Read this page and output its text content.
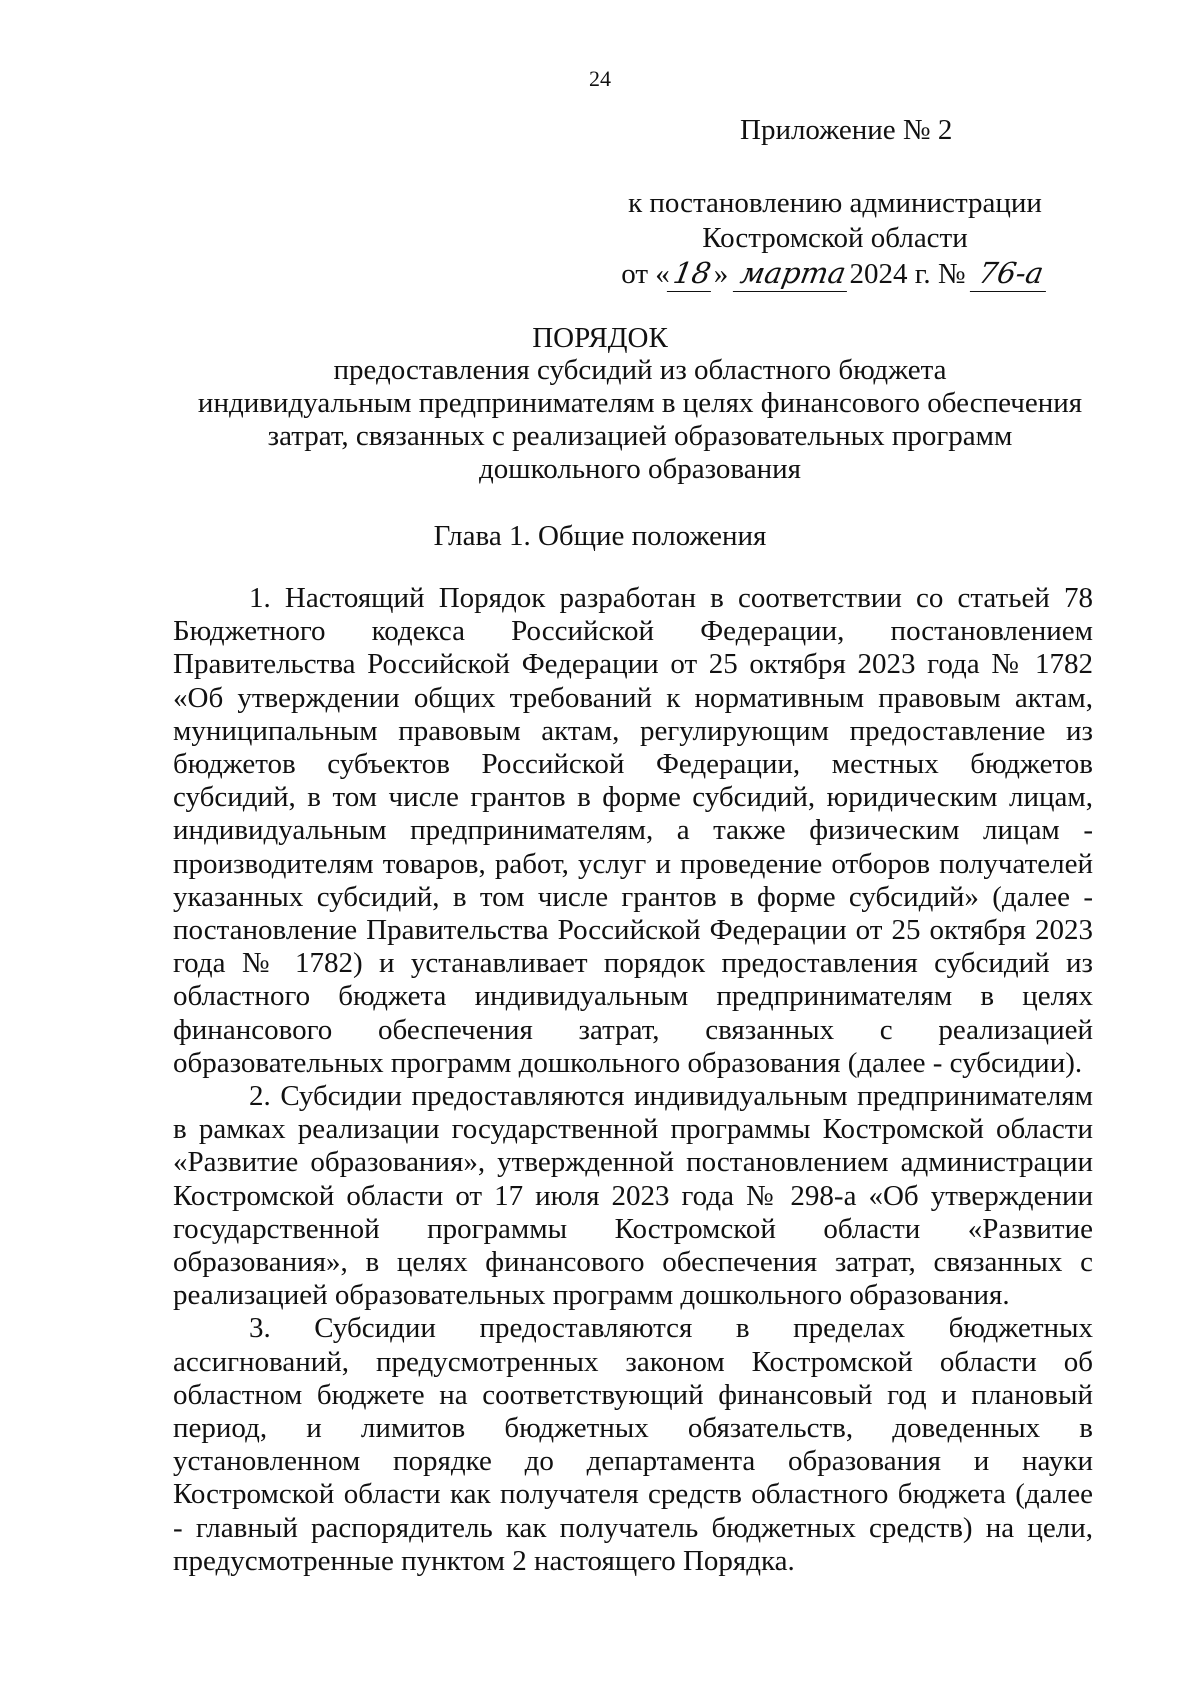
24
Приложение № 2
к постановлению администрации
Костромской области
от «18» марта2024 г. № 76-а
ПОРЯДОК
предоставления субсидий из областного бюджета
индивидуальным предпринимателям в целях финансового обеспечения
затрат, связанных с реализацией образовательных программ
дошкольного образования
Глава 1. Общие положения

1. Настоящий Порядок разработан в соответствии со статьей 78 Бюджетного кодекса Российской Федерации, постановлением Правительства Российской Федерации от 25 октября 2023 года № 1782 «Об утверждении общих требований к нормативным правовым актам, муниципальным правовым актам, регулирующим предоставление из бюджетов субъектов Российской Федерации, местных бюджетов субсидий, в том числе грантов в форме субсидий, юридическим лицам, индивидуальным предпринимателям, а также физическим лицам - производителям товаров, работ, услуг и проведение отборов получателей указанных субсидий, в том числе грантов в форме субсидий» (далее - постановление Правительства Российской Федерации от 25 октября 2023 года № 1782) и устанавливает порядок предоставления субсидий из областного бюджета индивидуальным предпринимателям в целях финансового обеспечения затрат, связанных с реализацией образовательных программ дошкольного образования (далее - субсидии).

2. Субсидии предоставляются индивидуальным предпринимателям в рамках реализации государственной программы Костромской области «Развитие образования», утвержденной постановлением администрации Костромской области от 17 июля 2023 года № 298-а «Об утверждении государственной программы Костромской области «Развитие образования», в целях финансового обеспечения затрат, связанных с реализацией образовательных программ дошкольного образования.

3. Субсидии предоставляются в пределах бюджетных ассигнований, предусмотренных законом Костромской области об областном бюджете на соответствующий финансовый год и плановый период, и лимитов бюджетных обязательств, доведенных в установленном порядке до департамента образования и науки Костромской области как получателя средств областного бюджета (далее - главный распорядитель как получатель бюджетных средств) на цели, предусмотренные пунктом 2 настоящего Порядка.
